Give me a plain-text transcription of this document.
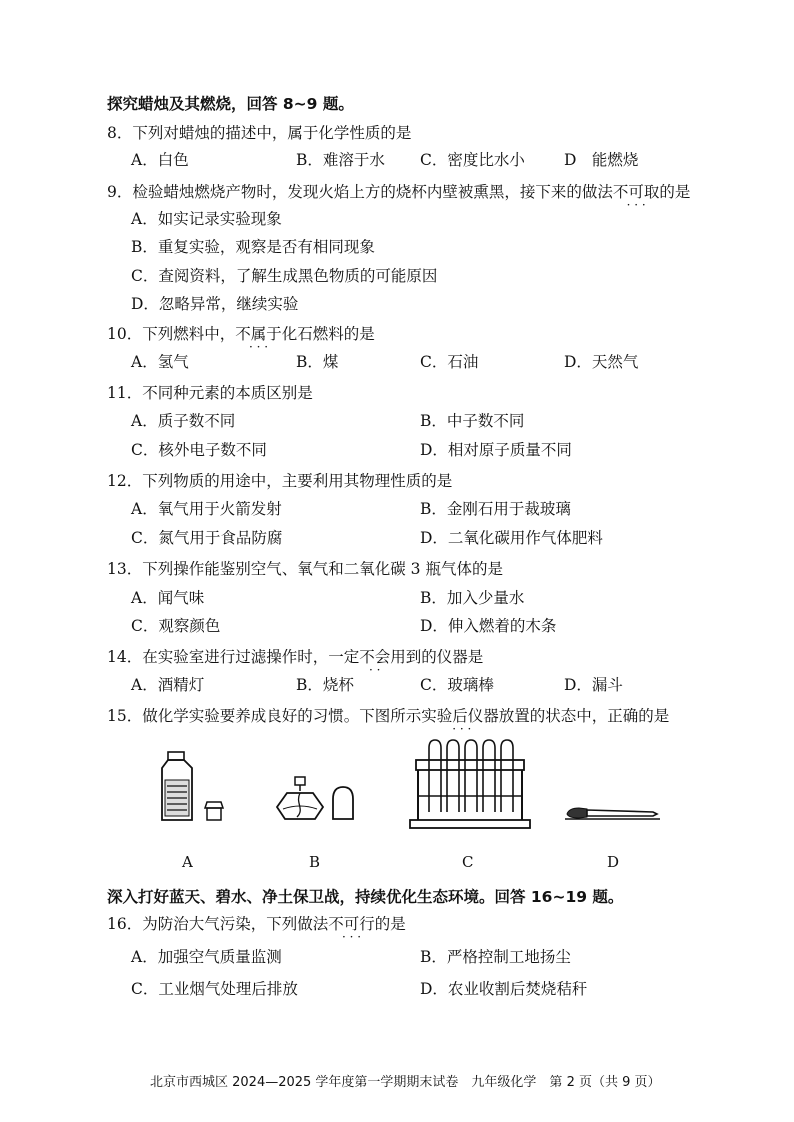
探究蜡烛及其燃烧，回答 8~9 题。
8．下列对蜡烛的描述中，属于化学性质的是
A．白色	B．难溶于水 C．密度比水小	D　能燃烧
9．检验蜡烛燃烧产物时，发现火焰上方的烧杯内壁被熏黑，接下来的做法不可取 · · ·的是
A．如实记录实验现象
B．重复实验，观察是否有相同现象
C．查阅资料，了解生成黑色物质的可能原因
D．忽略异常，继续实验
10．下列燃料中，不属于 · · ·化石燃料的是
A．氢气	B．煤	C．石油	D．天然气
11．不同种元素的本质区别是
A．质子数不同	B．中子数不同
C．核外电子数不同	D．相对原子质量不同
12．下列物质的用途中，主要利用其物理性质的是
A．氧气用于火箭发射	B．金刚石用于裁玻璃
C．氮气用于食品防腐	D．二氧化碳用作气体肥料
13．下列操作能鉴别空气、氧气和二氧化碳 3 瓶气体的是
A．闻气味	B．加入少量水
C．观察颜色	D．伸入燃着的木条
14．在实验室进行过滤操作时，一定不会 · ·用到的仪器是
A．酒精灯	B．烧杯	C．玻璃棒	D．漏斗
15．做化学实验要养成良好的习惯。下图所示实验后 · · ·仪器放置的状态中，正确的是
A	B	C	D
深入打好蓝天、碧水、净土保卫战，持续优化生态环境。回答 16~19 题。
16．为防治大气污染，下列做法不可行 · · ·的是
A．加强空气质量监测	B．严格控制工地扬尘
C．工业烟气处理后排放	D．农业收割后焚烧秸秆
北京市西城区 2024—2025 学年度第一学期期末试卷　九年级化学　第 2 页（共 9 页）
